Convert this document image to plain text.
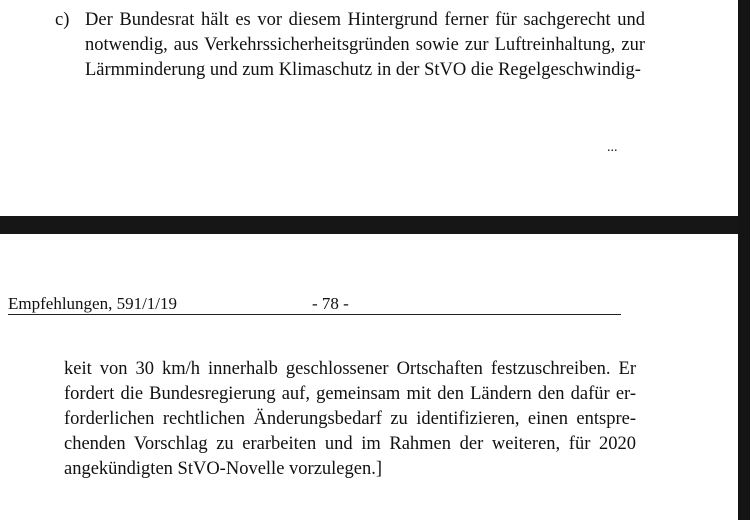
c) Der Bundesrat hält es vor diesem Hintergrund ferner für sachgerecht und
notwendig, aus Verkehrssicherheitsgründen sowie zur Luftreinhaltung, zur
Lärmminderung und zum Klimaschutz in der StVO die Regelgeschwindig-
...
Empfehlungen, 591/1/19	- 78 -
keit von 30 km/h innerhalb geschlossener Ortschaften festzuschreiben. Er
fordert die Bundesregierung auf, gemeinsam mit den Ländern den dafür er-
forderlichen rechtlichen Änderungsbedarf zu identifizieren, einen entspre-
chenden Vorschlag zu erarbeiten und im Rahmen der weiteren, für 2020
angekündigten StVO-Novelle vorzulegen.]
